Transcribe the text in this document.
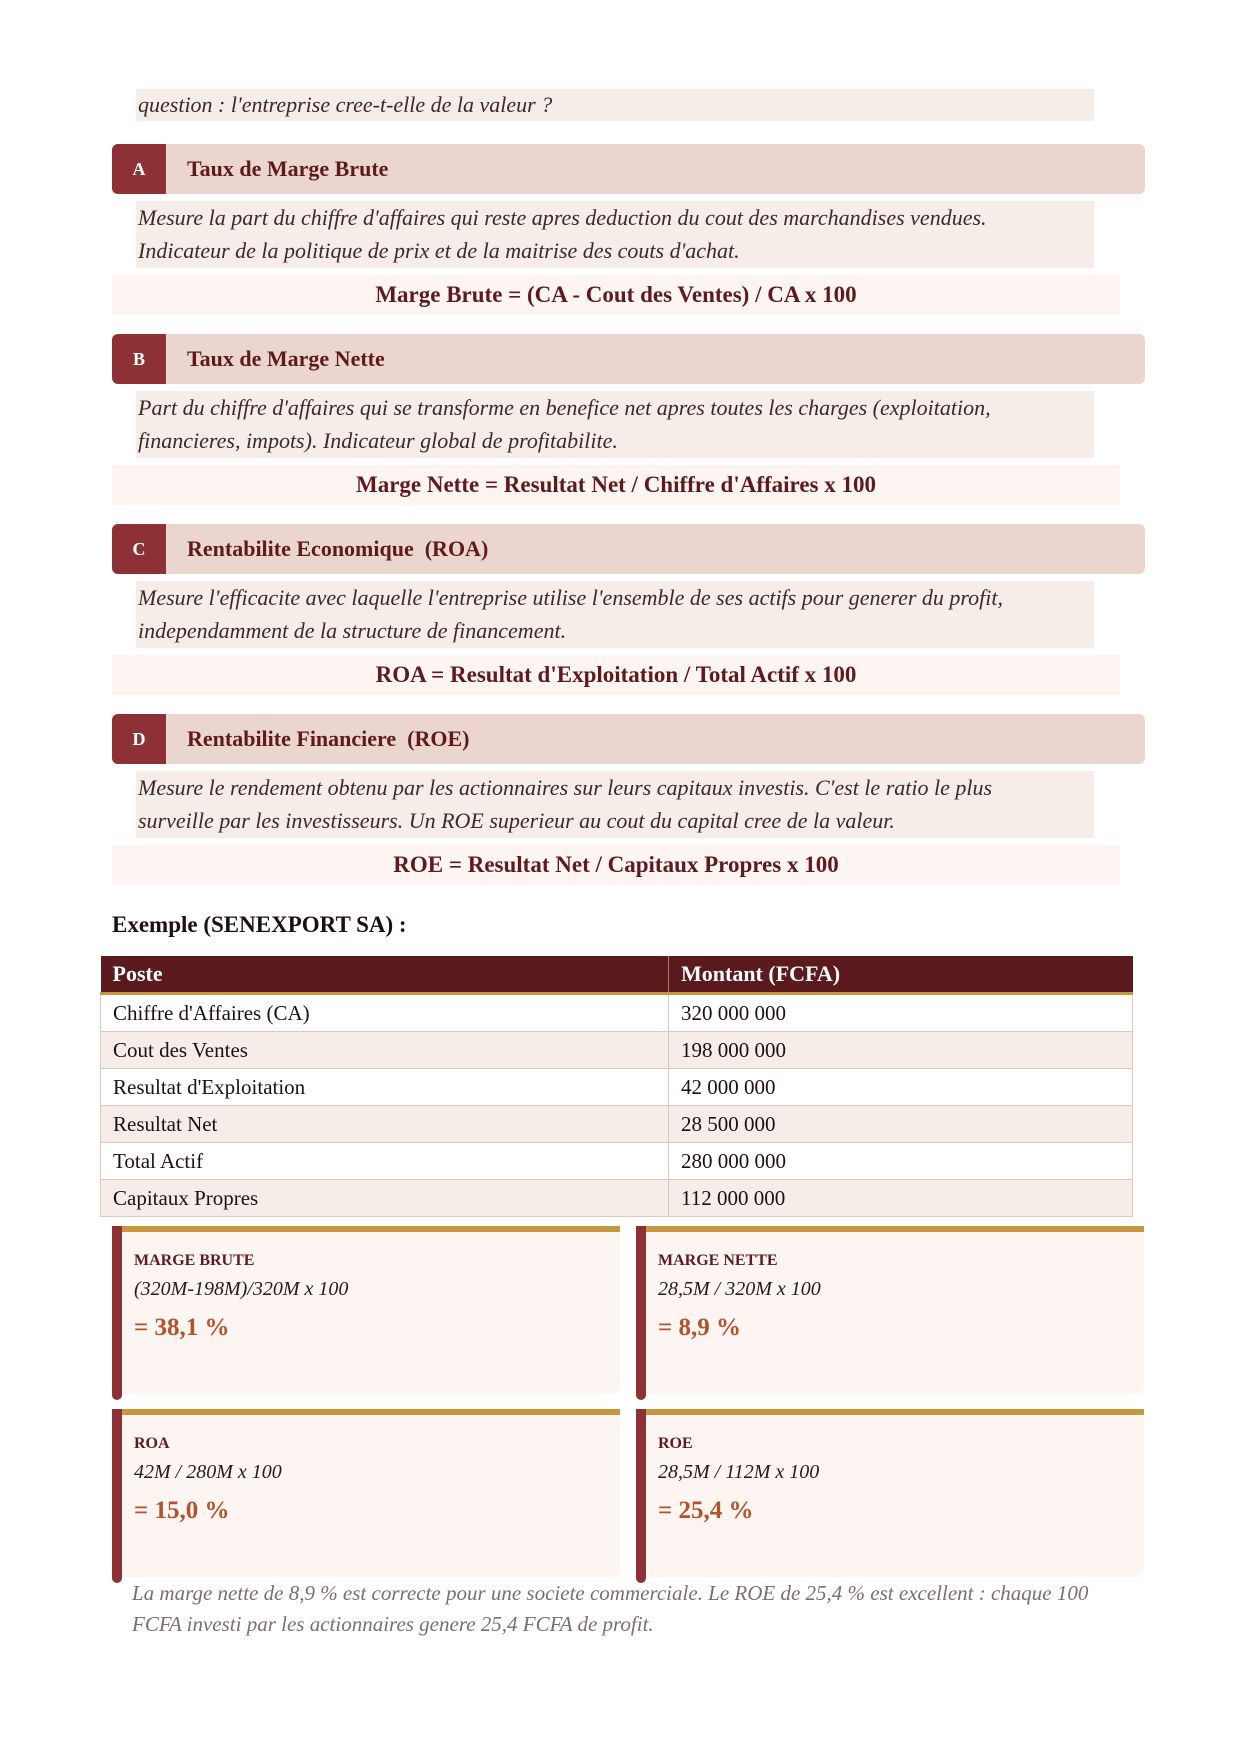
question : l'entreprise cree-t-elle de la valeur ?
A	Taux de Marge Brute
Mesure la part du chiffre d'affaires qui reste apres deduction du cout des marchandises vendues.
Indicateur de la politique de prix et de la maitrise des couts d'achat.
Marge Brute = (CA - Cout des Ventes) / CA x 100
B	Taux de Marge Nette
Part du chiffre d'affaires qui se transforme en benefice net apres toutes les charges (exploitation,
financieres, impots). Indicateur global de profitabilite.
Marge Nette = Resultat Net / Chiffre d'Affaires x 100
C	Rentabilite Economique  (ROA)
Mesure l'efficacite avec laquelle l'entreprise utilise l'ensemble de ses actifs pour generer du profit,
independamment de la structure de financement.
ROA = Resultat d'Exploitation / Total Actif x 100
D	Rentabilite Financiere  (ROE)
Mesure le rendement obtenu par les actionnaires sur leurs capitaux investis. C'est le ratio le plus
surveille par les investisseurs. Un ROE superieur au cout du capital cree de la valeur.
ROE = Resultat Net / Capitaux Propres x 100
Exemple (SENEXPORT SA) :
Poste	Montant (FCFA)
Chiffre d'Affaires (CA)	320 000 000
Cout des Ventes	198 000 000
Resultat d'Exploitation	42 000 000
Resultat Net	28 500 000
Total Actif	280 000 000
Capitaux Propres	112 000 000
MARGE BRUTE
(320M-198M)/320M x 100
= 38,1 %
MARGE NETTE
28,5M / 320M x 100
= 8,9 %
ROA
42M / 280M x 100
= 15,0 %
ROE
28,5M / 112M x 100
= 25,4 %
La marge nette de 8,9 % est correcte pour une societe commerciale. Le ROE de 25,4 % est excellent : chaque 100
FCFA investi par les actionnaires genere 25,4 FCFA de profit.
